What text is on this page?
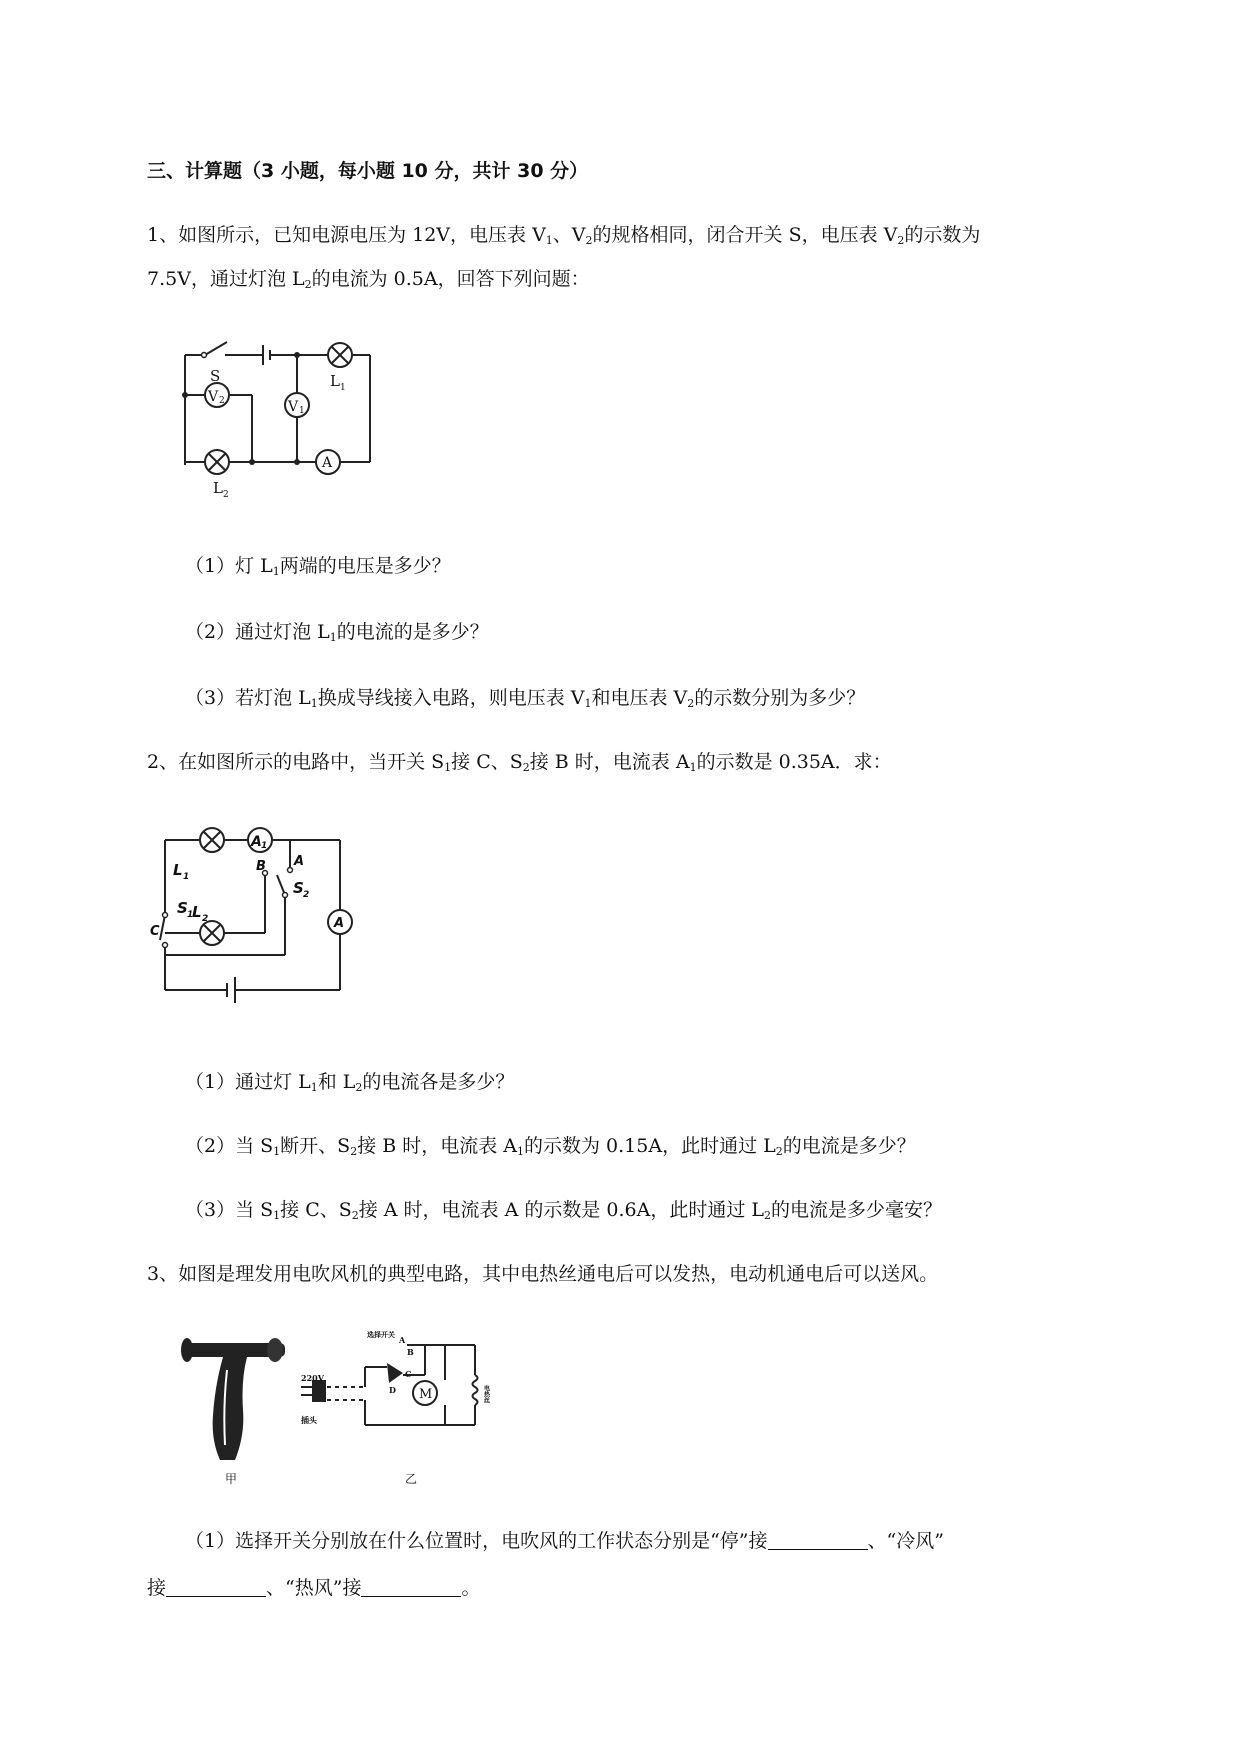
三、计算题（3 小题，每小题 10 分，共计 30 分）
1、如图所示，已知电源电压为 12V，电压表 $V_1$、$V_2$的规格相同，闭合开关 S，电压表 $V_2$的示数为
7.5V，通过灯泡 $L_2$的电流为 0.5A，回答下列问题：
V 2	V 1
A
S	L 1
L 2
（1）灯 $L_1$两端的电压是多少？
（2）通过灯泡 $L_1$的电流的是多少？
（3）若灯泡 $L_1$换成导线接入电路，则电压表 $V_1$和电压表 $V_2$的示数分别为多少？
2、在如图所示的电路中，当开关 $S_1$接 C、$S_2$接 B 时，电流表 $A_1$的示数是 0.35A．求：
A 1
A
L 1
L 2
S 1
S 2
A
B
C
（1）通过灯 $L_1$和 $L_2$的电流各是多少？
（2）当 $S_1$断开、$S_2$接 B 时，电流表 $A_1$的示数为 0.15A，此时通过 $L_2$的电流是多少？
（3）当 $S_1$接 C、$S_2$接 A 时，电流表 A 的示数是 0.6A，此时通过 $L_2$的电流是多少毫安？
3、如图是理发用电吹风机的典型电路，其中电热丝通电后可以发热，电动机通电后可以送风。
甲
M
220V
插头
选择开关
电热丝
A
B
C
D
乙
（1）选择开关分别放在什么位置时，电吹风的工作状态分别是“停”接	、“冷风”
接	、“热风”接	。
